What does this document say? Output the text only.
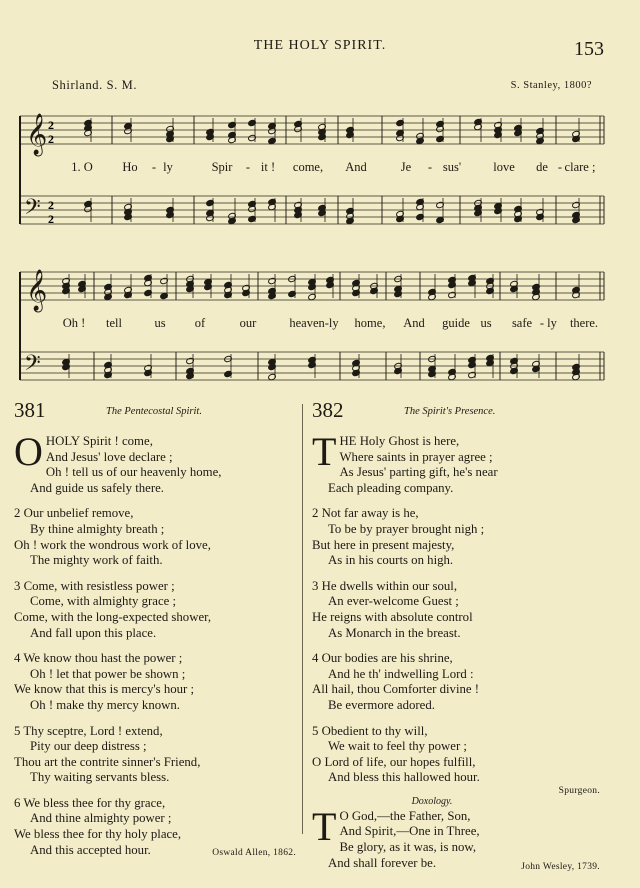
THE HOLY SPIRIT.	153
Shirland. S. M.	S. Stanley, 1800?
𝄞
𝄢
2
2
2
2
𝄞
𝄢
1. O Ho - ly	Spir - it ! come, And	Je - sus'	love de - clare ;
Oh ! tell	us of	our	heaven-ly home, And guide us safe - ly there.
381	The Pentecostal Spirit.
O HOLY Spirit ! come,
And Jesus' love declare ;
Oh ! tell us of our heavenly home,
And guide us safely there.
2 Our unbelief remove,
By thine almighty breath ;
Oh ! work the wondrous work of love,
The mighty work of faith.
3 Come, with resistless power ;
Come, with almighty grace ;
Come, with the long-expected shower,
And fall upon this place.
4 We know thou hast the power ;
Oh ! let that power be shown ;
We know that this is mercy's hour ;
Oh ! make thy mercy known.
5 Thy sceptre, Lord ! extend,
Pity our deep distress ;
Thou art the contrite sinner's Friend,
Thy waiting servants bless.
6 We bless thee for thy grace,
And thine almighty power ;
We bless thee for thy holy place,
And this accepted hour.	Oswald Allen, 1862.
382	The Spirit's Presence.
T HE Holy Ghost is here,
Where saints in prayer agree ;
As Jesus' parting gift, he's near
Each pleading company.
2 Not far away is he,
To be by prayer brought nigh ;
But here in present majesty,
As in his courts on high.
3 He dwells within our soul,
An ever-welcome Guest ;
He reigns with absolute control
As Monarch in the breast.
4 Our bodies are his shrine,
And he th' indwelling Lord :
All hail, thou Comforter divine !
Be evermore adored.
5 Obedient to thy will,
We wait to feel thy power ;
O Lord of life, our hopes fulfill,
And bless this hallowed hour.
Spurgeon.
Doxology.
T O God,—the Father, Son,
And Spirit,—One in Three,
Be glory, as it was, is now,
And shall forever be.	John Wesley, 1739.
